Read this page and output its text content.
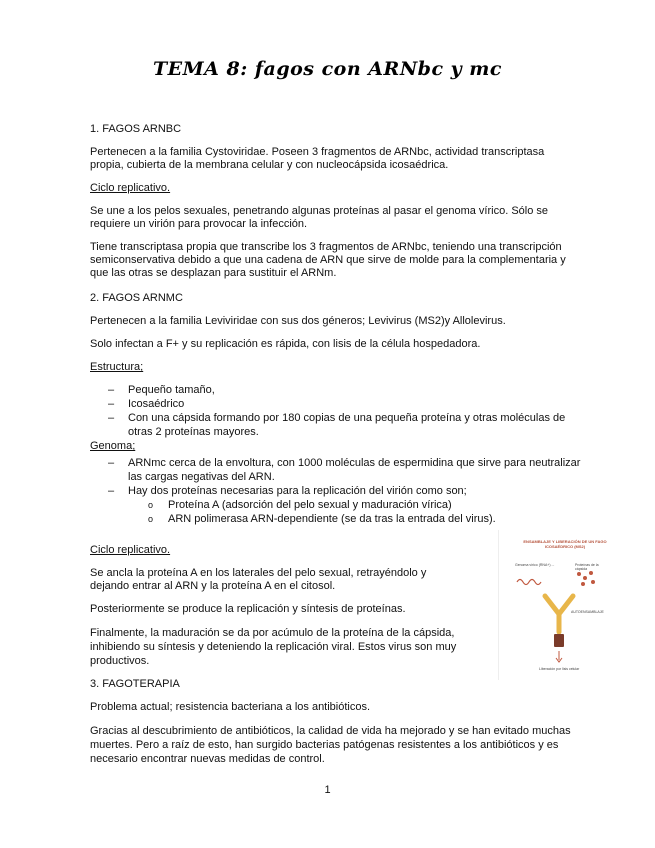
TEMA 8: fagos con ARNbc y mc

1. FAGOS ARNBC

Pertenecen a la familia Cystoviridae. Poseen 3 fragmentos de ARNbc, actividad transcriptasa

propia, cubierta de la membrana celular y con nucleocápsida icosaédrica.

Ciclo replicativo.

Se une a los pelos sexuales, penetrando algunas proteínas al pasar el genoma vírico. Sólo se

requiere un virión para provocar la infección.

Tiene transcriptasa propia que transcribe los 3 fragmentos de ARNbc, teniendo una transcripción

semiconservativa debido a que una cadena de ARN que sirve de molde para la complementaria y

que las otras se desplazan para sustituir el ARNm.

2. FAGOS ARNMC

Pertenecen a la familia Leviviridae con sus dos géneros; Levivirus (MS2)y Allolevirus.

Solo infectan a F+ y su replicación es rápida, con lisis de la célula hospedadora.

Estructura;

– Pequeño tamaño,
– Icosaédrico
– Con una cápsida formando por 180 copias de una pequeña proteína y otras moléculas de
otras 2 proteínas mayores.

Genoma;

– ARNmc cerca de la envoltura, con 1000 moléculas de espermidina que sirve para neutralizar
las cargas negativas del ARN.
– Hay dos proteínas necesarias para la replicación del virión como son;
o Proteína A (adsorción del pelo sexual y maduración vírica)
o ARN polimerasa ARN-dependiente (se da tras la entrada del virus).

Ciclo replicativo.

Se ancla la proteína A en los laterales del pelo sexual, retrayéndolo y

dejando entrar al ARN y la proteína A en el citosol.

Posteriormente se produce la replicación y síntesis de proteínas.

Finalmente, la maduración se da por acúmulo de la proteína de la cápsida,

inhibiendo su síntesis y deteniendo la replicación viral. Estos virus son muy

productivos.

ENSAMBLAJE Y LIBERACIÓN DE UN FAGO ICOSAÉDRICO (MS2)
Genoma vírico (RNA+) ...	Proteínas de la cápsida
AUTOENSAMBLAJE
Liberación por lisis celular

3. FAGOTERAPIA

Problema actual; resistencia bacteriana a los antibióticos.

Gracias al descubrimiento de antibióticos, la calidad de vida ha mejorado y se han evitado muchas

muertes. Pero a raíz de esto, han surgido bacterias patógenas resistentes a los antibióticos y es

necesario encontrar nuevas medidas de control.

1
